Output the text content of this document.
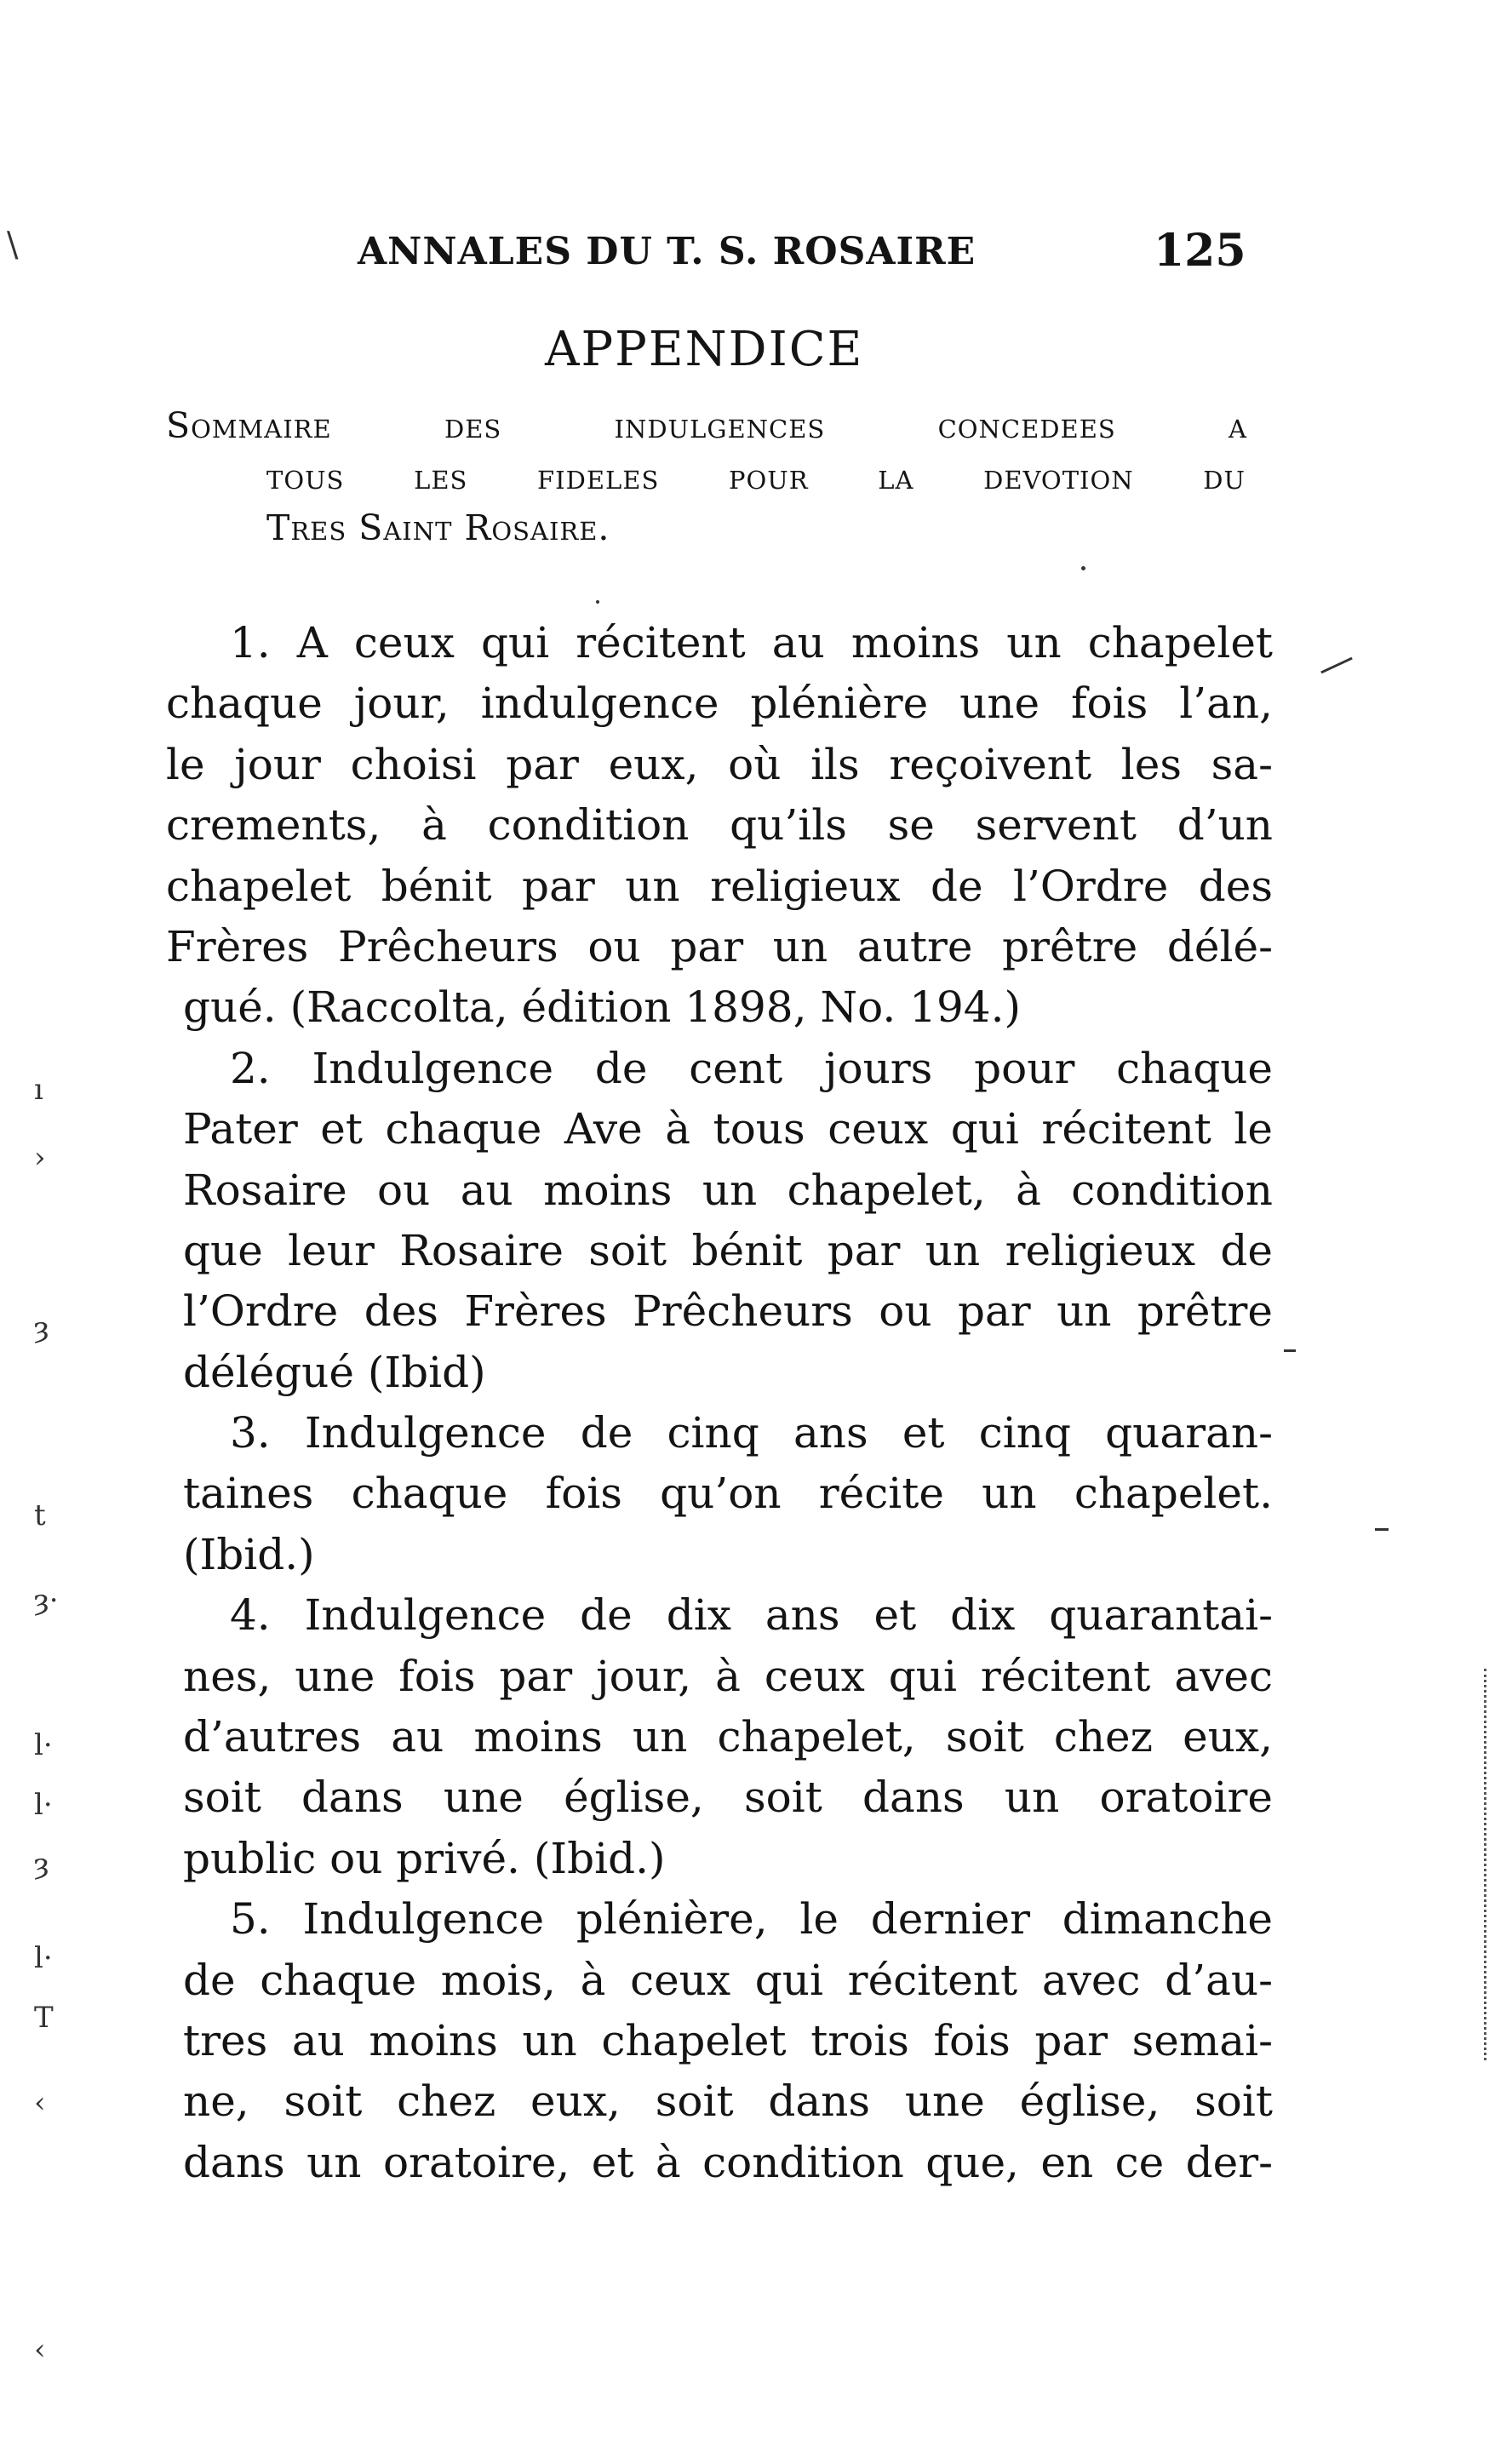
\	ANNALES DU T. S. ROSAIRE	125
APPENDICE
Sommaire des indulgences concedees a
tous les fideles pour la devotion du
Tres Saint Rosaire.
1. A ceux qui récitent au moins un chapelet
chaque jour, indulgence plénière une fois l’an,
le jour choisi par eux, où ils reçoivent les sa-
crements, à condition qu’ils se servent d’un
chapelet bénit par un religieux de l’Ordre des
Frères Prêcheurs ou par un autre prêtre délé-
gué. (Raccolta, édition 1898, No. 194.)
2. Indulgence de cent jours pour chaque
Pater et chaque Ave à tous ceux qui récitent le
Rosaire ou au moins un chapelet, à condition
que leur Rosaire soit bénit par un religieux de
l’Ordre des Frères Prêcheurs ou par un prêtre
délégué (Ibid)
3. Indulgence de cinq ans et cinq quaran-
taines chaque fois qu’on récite un chapelet.
(Ibid.)
4. Indulgence de dix ans et dix quarantai-
nes, une fois par jour, à ceux qui récitent avec
d’autres au moins un chapelet, soit chez eux,
soit dans une église, soit dans un oratoire
public ou privé. (Ibid.)
5. Indulgence plénière, le dernier dimanche
de chaque mois, à ceux qui récitent avec d’au-
tres au moins un chapelet trois fois par semai-
ne, soit chez eux, soit dans une église, soit
dans un oratoire, et à condition que, en ce der-
ı
›
ȝ
t
ȝ·
l·
l·
ȝ
l·
T
‹
‹
